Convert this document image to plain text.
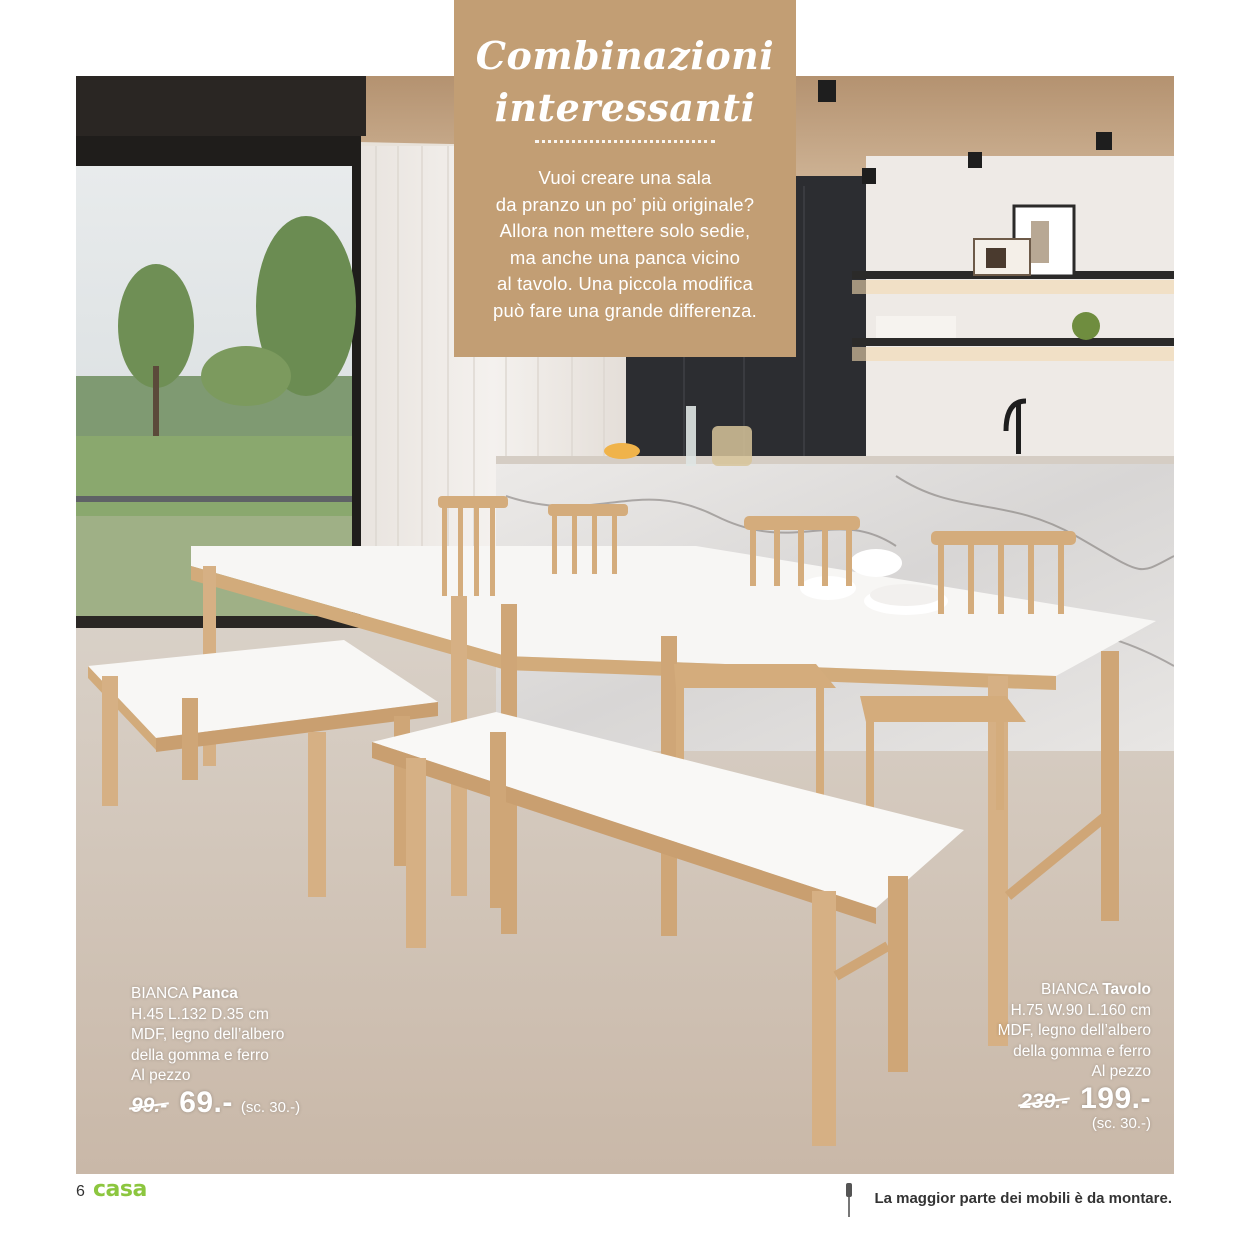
Combinazioni
interessanti
Vuoi creare una sala
da pranzo un po’ più originale?
Allora non mettere solo sedie,
ma anche una panca vicino
al tavolo. Una piccola modifica
può fare una grande differenza.
BIANCA Panca
H.45 L.132 D.35 cm
MDF, legno dell’albero
della gomma e ferro
Al pezzo
99.- 69.- (sc. 30.-)
BIANCA Tavolo
H.75 W.90 L.160 cm
MDF, legno dell’albero
della gomma e ferro
Al pezzo
239.- 199.-
(sc. 30.-)
6 casa	La maggior parte dei mobili è da montare.
